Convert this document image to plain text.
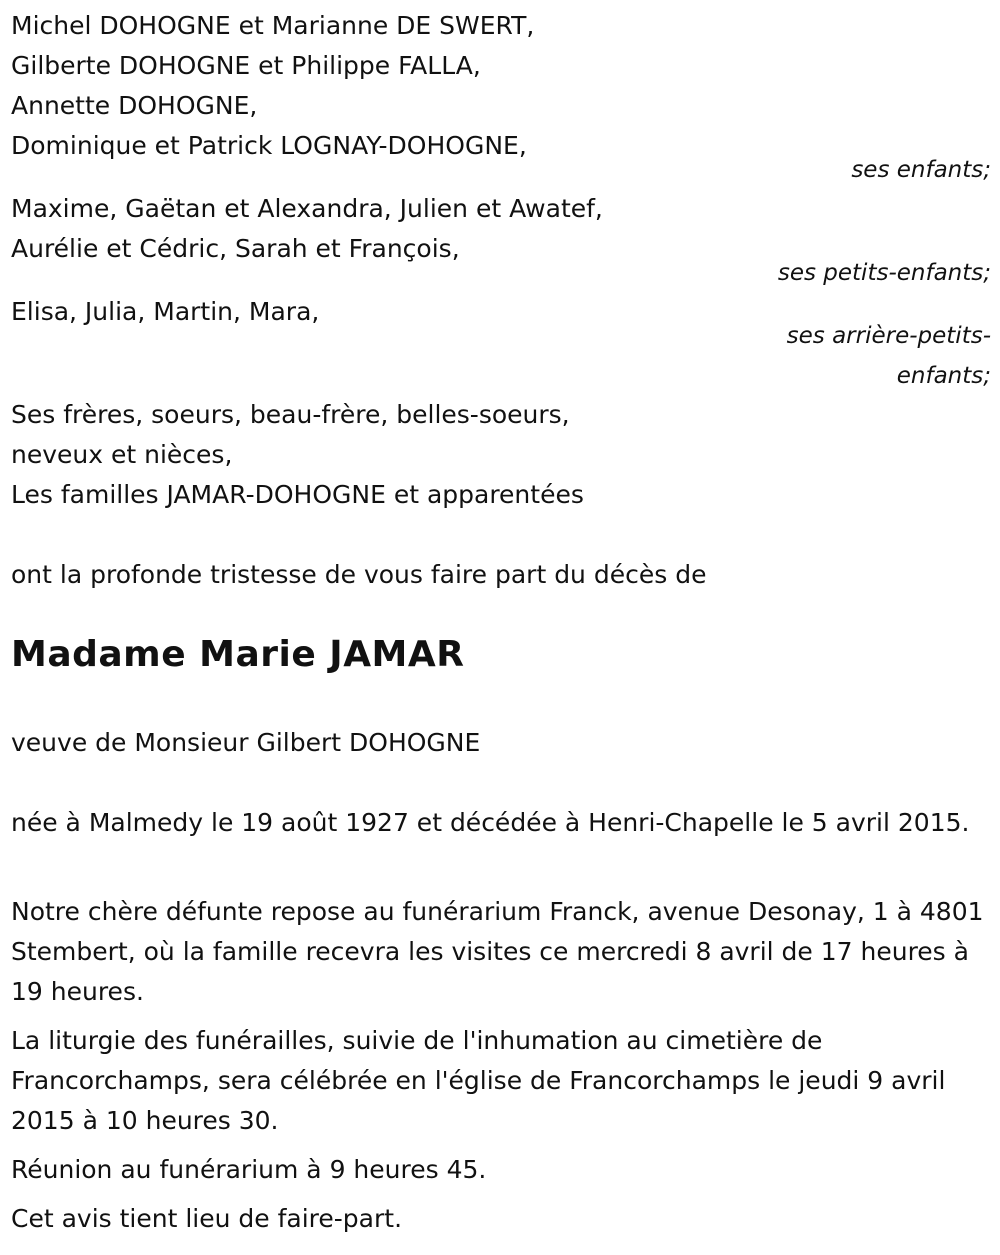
Michel DOHOGNE et Marianne DE SWERT,
Gilberte DOHOGNE et Philippe FALLA,
Annette DOHOGNE,
Dominique et Patrick LOGNAY-DOHOGNE,
ses enfants;
Maxime, Gaëtan et Alexandra, Julien et Awatef,
Aurélie et Cédric, Sarah et François,
ses petits-enfants;
Elisa, Julia, Martin, Mara,
ses arrière-petits-
enfants;
Ses frères, soeurs, beau-frère, belles-soeurs,
neveux et nièces,
Les familles JAMAR-DOHOGNE et apparentées
ont la profonde tristesse de vous faire part du décès de
Madame Marie JAMAR
veuve de Monsieur Gilbert DOHOGNE
née à Malmedy le 19 août 1927 et décédée à Henri-Chapelle le 5 avril 2015.
Notre chère défunte repose au funérarium Franck, avenue Desonay, 1 à 4801 Stembert, où la famille recevra les visites ce mercredi 8 avril de 17 heures à 19 heures.
La liturgie des funérailles, suivie de l'inhumation au cimetière de Francorchamps, sera célébrée en l'église de Francorchamps le jeudi 9 avril 2015 à 10 heures 30.
Réunion au funérarium à 9 heures 45.
Cet avis tient lieu de faire-part.
